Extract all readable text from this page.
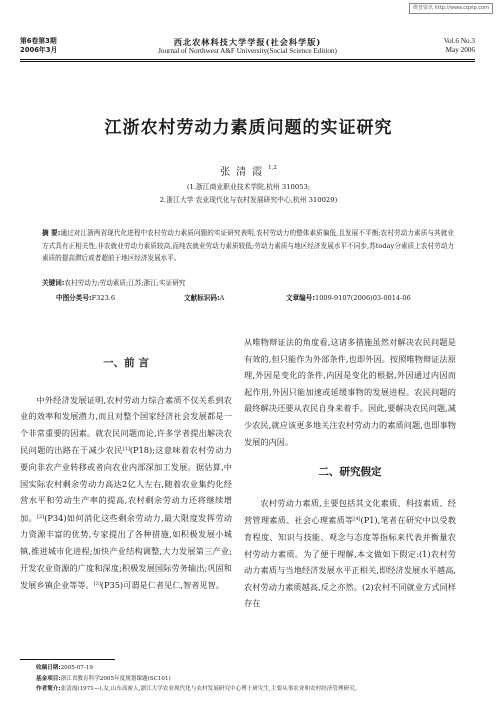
维普资讯 http://www.cqvip.com
第6卷第3期
2006年3月
西北农林科技大学学报(社会科学版)
Journal of Northwest A&F University(Social Science Edition)
Vol.6 No.3
May 2006
江浙农村劳动力素质问题的实证研究
张清霞$^{1,2}$
(1.浙江商业职业技术学院,杭州 310053;
2.浙江大学 农业现代化与农村发展研究中心,杭州 310029)
摘 要:通过对江浙两省现代化进程中农村劳动力素质问题的实证研究表明,农村劳动力的整体素质偏低,且发展不平衡;农村劳动力素质与其就业方式具有正相关性,非农就业劳动力素质较高,而纯农就业劳动力素质较低;劳动力素质与地区经济发展水平不同步,苏today分素质上农村劳动力素质的提高滞后或者超前于地区经济发展水平。
关键词:农村劳动力;劳动素质;江苏;浙江;实证研究
中图分类号:F323.6	文献标识码:A	文章编号:1009-9107(2006)03-0014-06
一、前 言

中外经济发展证明,农村劳动力综合素质不仅关系到农业的效率和发展潜力,而且对整个国家经济社会发展都是一个非常重要的因素。就农民问题而论,许多学者提出解决农民问题的出路在于减少农民[1](P18);这意味着农村劳动力要向非农产业转移或者向农业内部深加工发展。据估算,中国实际农村剩余劳动力高达2亿人左右,随着农业集约化经营水平和劳动生产率的提高,农村剩余劳动力还将继续增加。[2](P34)如何消化这些剩余劳动力,最大限度发挥劳动力资源丰富的优势,专家提出了各种措施,如积极发展小城镇,推进城市化进程;加快产业结构调整,大力发展第三产业;开发农业资源的广度和深度;积极发展国际劳务输出;巩固和发展乡镇企业等等。[3](P35)可谓是仁者见仁,智者见智。

从唯物辩证法的角度看,这诸多措施虽然对解决农民问题是有效的,但只能作为外部条件,也即外因。按照唯物辩证法原理,外因是变化的条件,内因是变化的根据,外因通过内因而起作用,外因只能加速或延缓事物的发展进程。农民问题的最终解决还要从农民自身来着手。因此,要解决农民问题,减少农民,就应该更多地关注农村劳动力的素质问题,也即事物发展的内因。

二、研究假定

农村劳动力素质,主要包括其文化素质、科技素质、经营管理素质、社会心理素质等[4](P1),笔者在研究中以受教育程度、知识与技能、观念与态度等指标来代表并衡量农村劳动力素质。为了便于理解,本文做如下假定:(1)农村劳动力素质与当地经济发展水平正相关,即经济发展水平越高,农村劳动力素质越高,反之亦然。(2)农村不同就业方式同样存在

收稿日期:2005-07-19
基金项目:浙江省教育科学2005年度规划课题(SC101)
作者简介:张清霞(1971—),女,山东高密人,浙江大学农业现代化与农村发展研究中心博士研究生,主要从事农业和农村经济管理研究。
